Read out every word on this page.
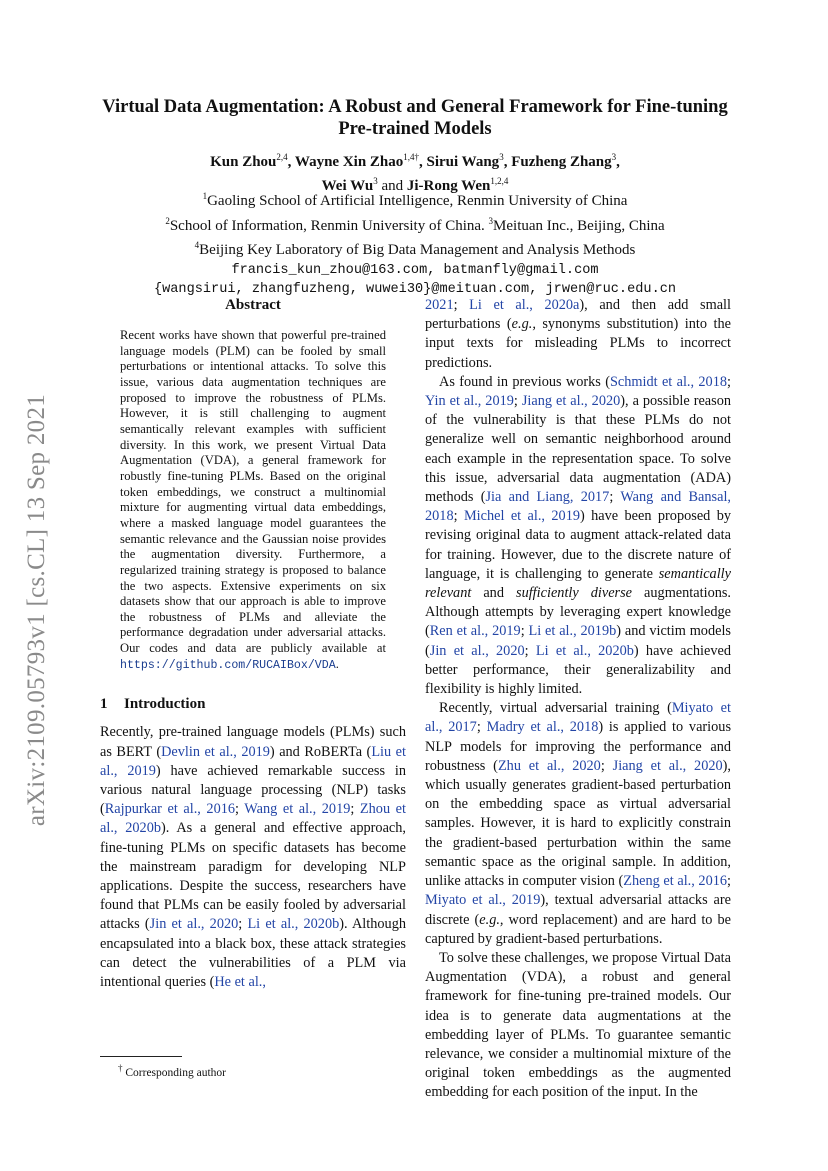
arXiv:2109.05793v1 [cs.CL] 13 Sep 2021
Virtual Data Augmentation: A Robust and General Framework for Fine-tuning Pre-trained Models
Kun Zhou$^{2,4}$, Wayne Xin Zhao$^{1,4\dagger}$, Sirui Wang$^3$, Fuzheng Zhang$^3$,
Wei Wu$^3$ and Ji-Rong Wen$^{1,2,4}$
$^1$Gaoling School of Artificial Intelligence, Renmin University of China
$^2$School of Information, Renmin University of China. $^3$Meituan Inc., Beijing, China
$^4$Beijing Key Laboratory of Big Data Management and Analysis Methods
francis_kun_zhou@163.com, batmanfly@gmail.com
{wangsirui, zhangfuzheng, wuwei30}@meituan.com, jrwen@ruc.edu.cn
Abstract

Recent works have shown that powerful pre-trained language models (PLM) can be fooled by small perturbations or intentional attacks. To solve this issue, various data augmentation techniques are proposed to improve the robustness of PLMs. However, it is still challenging to augment semantically relevant examples with sufficient diversity. In this work, we present Virtual Data Augmentation (VDA), a general framework for robustly fine-tuning PLMs. Based on the original token embeddings, we construct a multinomial mixture for augmenting virtual data embeddings, where a masked language model guarantees the semantic relevance and the Gaussian noise provides the augmentation diversity. Furthermore, a regularized training strategy is proposed to balance the two aspects. Extensive experiments on six datasets show that our approach is able to improve the robustness of PLMs and alleviate the performance degradation under adversarial attacks. Our codes and data are publicly available at https://github.com/RUCAIBox/VDA.

1 Introduction

Recently, pre-trained language models (PLMs) such as BERT (Devlin et al., 2019) and RoBERTa (Liu et al., 2019) have achieved remarkable success in various natural language processing (NLP) tasks (Rajpurkar et al., 2016; Wang et al., 2019; Zhou et al., 2020b). As a general and effective approach, fine-tuning PLMs on specific datasets has become the mainstream paradigm for developing NLP applications. Despite the success, researchers have found that PLMs can be easily fooled by adversarial attacks (Jin et al., 2020; Li et al., 2020b). Although encapsulated into a black box, these attack strategies can detect the vulnerabilities of a PLM via intentional queries (He et al.,

2021; Li et al., 2020a), and then add small perturbations (e.g., synonyms substitution) into the input texts for misleading PLMs to incorrect predictions.

As found in previous works (Schmidt et al., 2018; Yin et al., 2019; Jiang et al., 2020), a possible reason of the vulnerability is that these PLMs do not generalize well on semantic neighborhood around each example in the representation space. To solve this issue, adversarial data augmentation (ADA) methods (Jia and Liang, 2017; Wang and Bansal, 2018; Michel et al., 2019) have been proposed by revising original data to augment attack-related data for training. However, due to the discrete nature of language, it is challenging to generate semantically relevant and sufficiently diverse augmentations. Although attempts by leveraging expert knowledge (Ren et al., 2019; Li et al., 2019b) and victim models (Jin et al., 2020; Li et al., 2020b) have achieved better performance, their generalizability and flexibility is highly limited.

Recently, virtual adversarial training (Miyato et al., 2017; Madry et al., 2018) is applied to various NLP models for improving the performance and robustness (Zhu et al., 2020; Jiang et al., 2020), which usually generates gradient-based perturbation on the embedding space as virtual adversarial samples. However, it is hard to explicitly constrain the gradient-based perturbation within the same semantic space as the original sample. In addition, unlike attacks in computer vision (Zheng et al., 2016; Miyato et al., 2019), textual adversarial attacks are discrete (e.g., word replacement) and are hard to be captured by gradient-based perturbations.

To solve these challenges, we propose Virtual Data Augmentation (VDA), a robust and general framework for fine-tuning pre-trained models. Our idea is to generate data augmentations at the embedding layer of PLMs. To guarantee semantic relevance, we consider a multinomial mixture of the original token embeddings as the augmented embedding for each position of the input. In the

† Corresponding author
